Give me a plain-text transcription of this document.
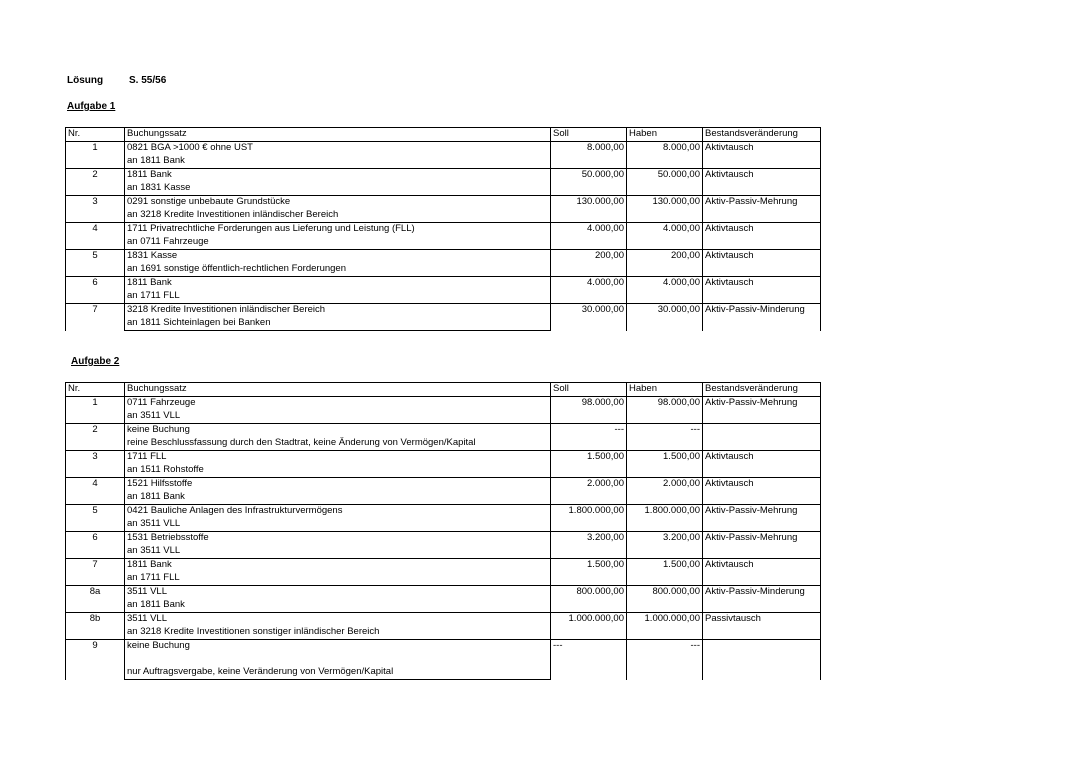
Lösung	S. 55/56
Aufgabe 1
Nr.	Buchungssatz	Soll	Haben	Bestandsveränderung
1	0821 BGA >1000 € ohne UST	8.000,00	8.000,00	Aktivtausch
	an 1811 Bank			
2	1811 Bank	50.000,00	50.000,00	Aktivtausch
	an 1831 Kasse			
3	0291 sonstige unbebaute Grundstücke	130.000,00	130.000,00	Aktiv-Passiv-Mehrung
	an 3218 Kredite Investitionen inländischer Bereich			
4	1711 Privatrechtliche Forderungen aus Lieferung und Leistung (FLL)	4.000,00	4.000,00	Aktivtausch
	an 0711 Fahrzeuge			
5	1831 Kasse	200,00	200,00	Aktivtausch
	an 1691 sonstige öffentlich-rechtlichen Forderungen			
6	1811 Bank	4.000,00	4.000,00	Aktivtausch
	an 1711 FLL			
7	3218 Kredite Investitionen inländischer Bereich	30.000,00	30.000,00	Aktiv-Passiv-Minderung
	an 1811 Sichteinlagen bei Banken			
Aufgabe 2
Nr.	Buchungssatz	Soll	Haben	Bestandsveränderung
1	0711 Fahrzeuge	98.000,00	98.000,00	Aktiv-Passiv-Mehrung
	an 3511 VLL			
2	keine Buchung	---	---	
	reine Beschlussfassung durch den Stadtrat, keine Änderung von Vermögen/Kapital			
3	1711 FLL	1.500,00	1.500,00	Aktivtausch
	an 1511 Rohstoffe			
4	1521 Hilfsstoffe	2.000,00	2.000,00	Aktivtausch
	an 1811 Bank			
5	0421 Bauliche Anlagen des Infrastrukturvermögens	1.800.000,00	1.800.000,00	Aktiv-Passiv-Mehrung
	an 3511 VLL			
6	1531 Betriebsstoffe	3.200,00	3.200,00	Aktiv-Passiv-Mehrung
	an 3511 VLL			
7	1811 Bank	1.500,00	1.500,00	Aktivtausch
	an 1711 FLL			
8a	3511 VLL	800.000,00	800.000,00	Aktiv-Passiv-Minderung
	an 1811 Bank			
8b	3511 VLL	1.000.000,00	1.000.000,00	Passivtausch
	an 3218 Kredite Investitionen sonstiger inländischer Bereich			
9	keine Buchung	---	---	

	nur Auftragsvergabe, keine Veränderung von Vermögen/Kapital			
